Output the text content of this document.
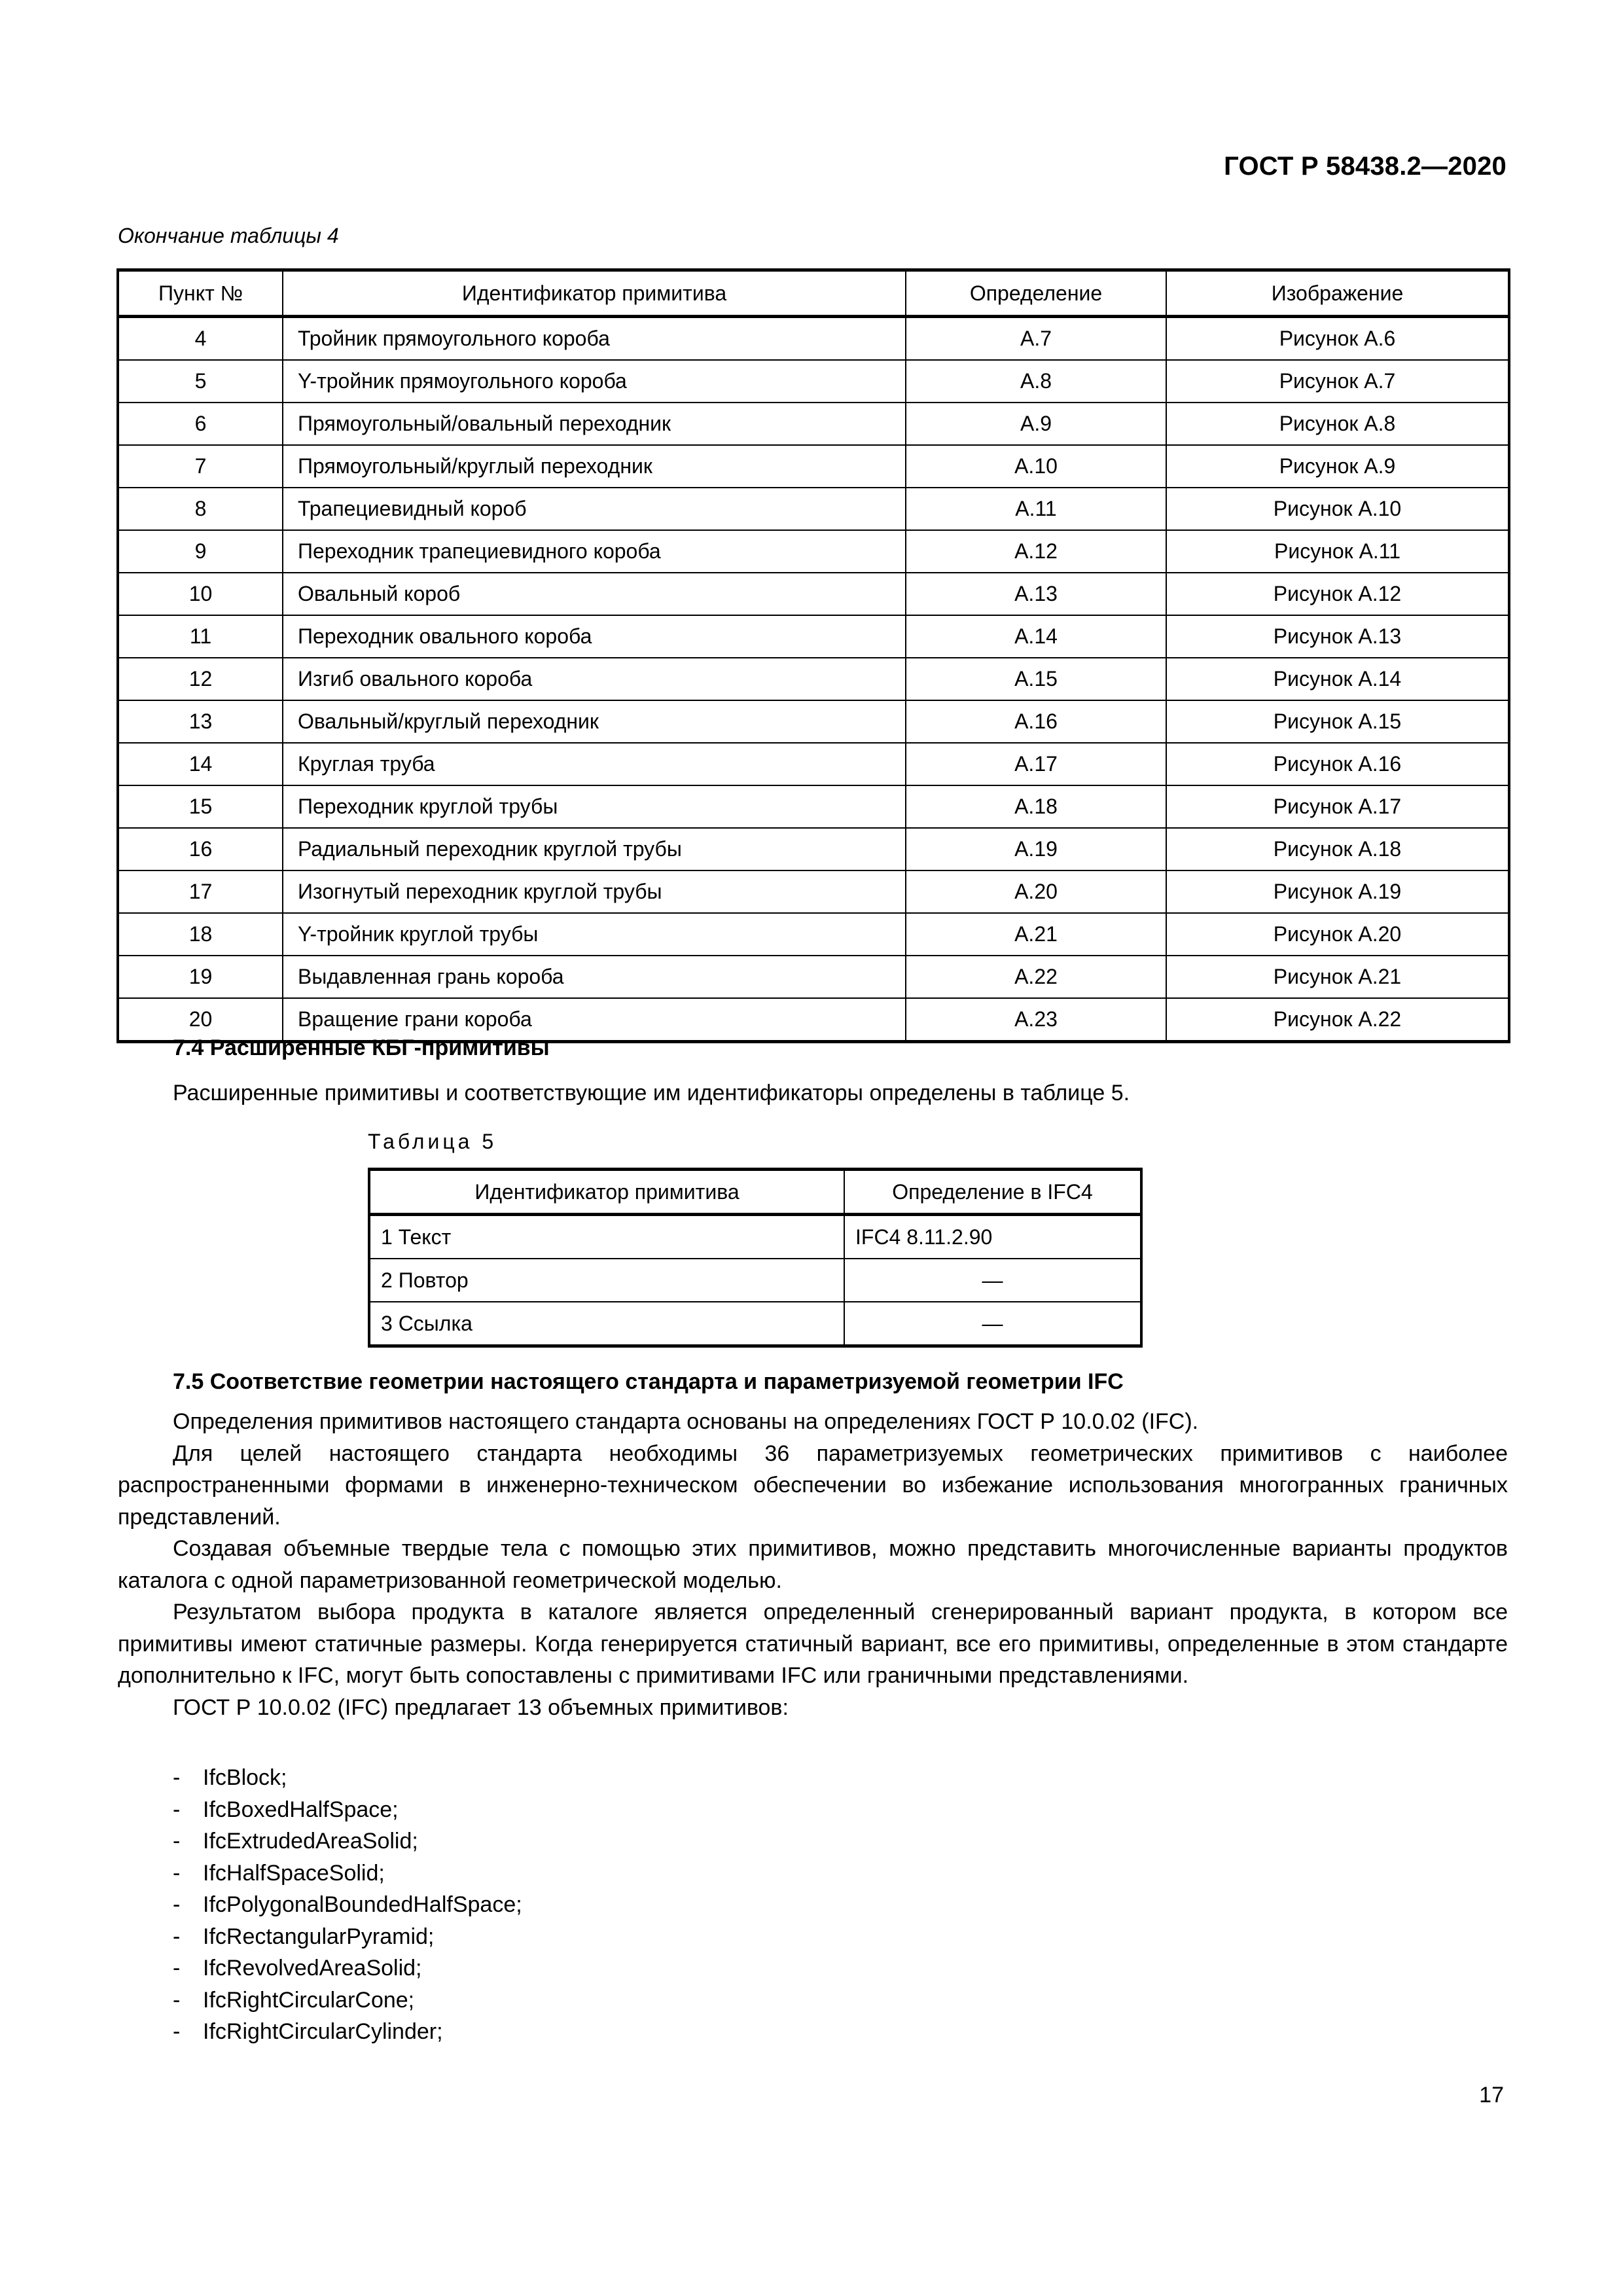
ГОСТ Р 58438.2—2020
Окончание таблицы 4
Пункт №	Идентификатор примитива	Определение	Изображение
4	Тройник прямоугольного короба	А.7	Рисунок А.6
5	Y-тройник прямоугольного короба	А.8	Рисунок А.7
6	Прямоугольный/овальный переходник	А.9	Рисунок А.8
7	Прямоугольный/круглый переходник	А.10	Рисунок А.9
8	Трапециевидный короб	А.11	Рисунок А.10
9	Переходник трапециевидного короба	А.12	Рисунок А.11
10	Овальный короб	А.13	Рисунок А.12
11	Переходник овального короба	А.14	Рисунок А.13
12	Изгиб овального короба	А.15	Рисунок А.14
13	Овальный/круглый переходник	А.16	Рисунок А.15
14	Круглая труба	А.17	Рисунок А.16
15	Переходник круглой трубы	А.18	Рисунок А.17
16	Радиальный переходник круглой трубы	А.19	Рисунок А.18
17	Изогнутый переходник круглой трубы	А.20	Рисунок А.19
18	Y-тройник круглой трубы	А.21	Рисунок А.20
19	Выдавленная грань короба	А.22	Рисунок А.21
20	Вращение грани короба	А.23	Рисунок А.22
7.4 Расширенные КБГ-примитивы
Расширенные примитивы и соответствующие им идентификаторы определены в таблице 5.
Таблица 5
Идентификатор примитива	Определение в IFC4
1 Текст	IFC4 8.11.2.90
2 Повтор	—
3 Ссылка	—
7.5 Соответствие геометрии настоящего стандарта и параметризуемой геометрии IFC

Определения примитивов настоящего стандарта основаны на определениях ГОСТ Р 10.0.02 (IFC).

Для целей настоящего стандарта необходимы 36 параметризуемых геометрических примитивов с наиболее распространенными формами в инженерно-техническом обеспечении во избежание использования многогранных граничных представлений.

Создавая объемные твердые тела с помощью этих примитивов, можно представить многочисленные варианты продуктов каталога с одной параметризованной геометрической моделью.

Результатом выбора продукта в каталоге является определенный сгенерированный вариант продукта, в котором все примитивы имеют статичные размеры. Когда генерируется статичный вариант, все его примитивы, определенные в этом стандарте дополнительно к IFC, могут быть сопоставлены с примитивами IFC или граничными представлениями.

ГОСТ Р 10.0.02 (IFC) предлагает 13 объемных примитивов:

- IfcBlock;
- IfcBoxedHalfSpace;
- IfcExtrudedAreaSolid;
- IfcHalfSpaceSolid;
- IfcPolygonalBoundedHalfSpace;
- IfcRectangularPyramid;
- IfcRevolvedAreaSolid;
- IfcRightCircularCone;
- IfcRightCircularCylinder;
17
